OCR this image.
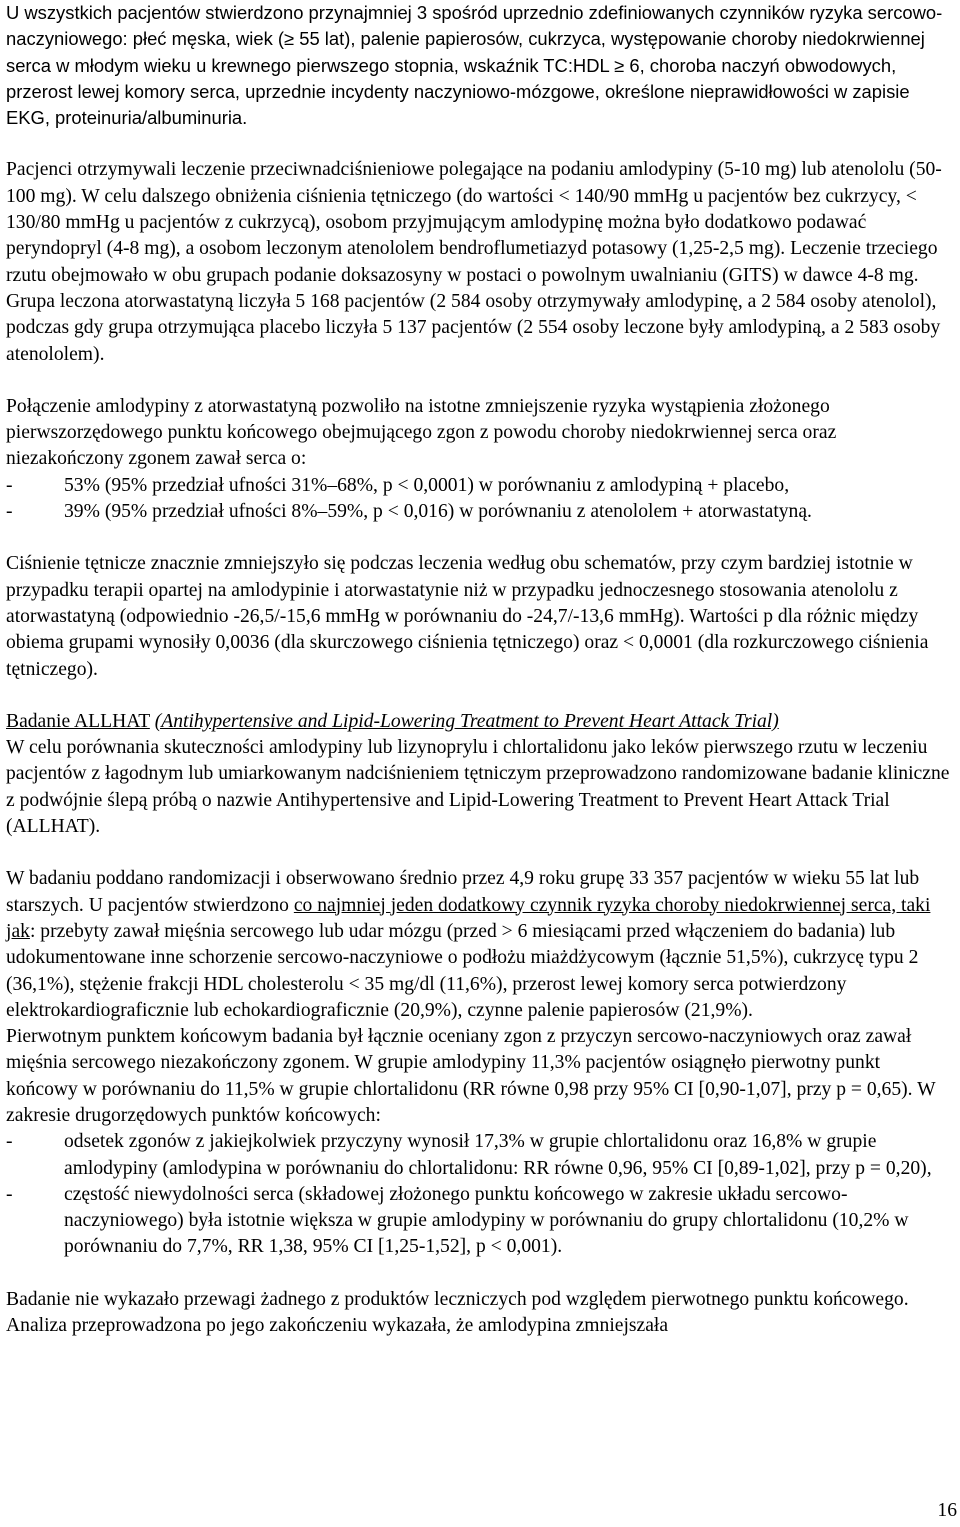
U wszystkich pacjentów stwierdzono przynajmniej 3 spośród uprzednio zdefiniowanych czynników ryzyka sercowo-naczyniowego: płeć męska, wiek (≥ 55 lat), palenie papierosów, cukrzyca, występowanie choroby niedokrwiennej serca w młodym wieku u krewnego pierwszego stopnia, wskaźnik TC:HDL ≥ 6, choroba naczyń obwodowych, przerost lewej komory serca, uprzednie incydenty naczyniowo-mózgowe, określone nieprawidłowości w zapisie EKG, proteinuria/albuminuria.

Pacjenci otrzymywali leczenie przeciwnadciśnieniowe polegające na podaniu amlodypiny (5-10 mg) lub atenololu (50-100 mg). W celu dalszego obniżenia ciśnienia tętniczego (do wartości < 140/90 mmHg u pacjentów bez cukrzycy, < 130/80 mmHg u pacjentów z cukrzycą), osobom przyjmującym amlodypinę można było dodatkowo podawać peryndopryl (4-8 mg), a osobom leczonym atenololem bendroflumetiazyd potasowy (1,25-2,5 mg). Leczenie trzeciego rzutu obejmowało w obu grupach podanie doksazosyny w postaci o powolnym uwalnianiu (GITS) w dawce 4-8 mg. Grupa leczona atorwastatyną liczyła 5 168 pacjentów (2 584 osoby otrzymywały amlodypinę, a 2 584 osoby atenolol), podczas gdy grupa otrzymująca placebo liczyła 5 137 pacjentów (2 554 osoby leczone były amlodypiną, a 2 583 osoby atenololem).

Połączenie amlodypiny z atorwastatyną pozwoliło na istotne zmniejszenie ryzyka wystąpienia złożonego pierwszorzędowego punktu końcowego obejmującego zgon z powodu choroby niedokrwiennej serca oraz niezakończony zgonem zawał serca o:

-	53% (95% przedział ufności 31%–68%, p < 0,0001) w porównaniu z amlodypiną + placebo,
-	39% (95% przedział ufności 8%–59%, p < 0,016) w porównaniu z atenololem + atorwastatyną.

Ciśnienie tętnicze znacznie zmniejszyło się podczas leczenia według obu schematów, przy czym bardziej istotnie w przypadku terapii opartej na amlodypinie i atorwastatynie niż w przypadku jednoczesnego stosowania atenololu z atorwastatyną (odpowiednio -26,5/-15,6 mmHg w porównaniu do -24,7/-13,6 mmHg). Wartości p dla różnic między obiema grupami wynosiły 0,0036 (dla skurczowego ciśnienia tętniczego) oraz < 0,0001 (dla rozkurczowego ciśnienia tętniczego).

Badanie ALLHAT (Antihypertensive and Lipid-Lowering Treatment to Prevent Heart Attack Trial)

W celu porównania skuteczności amlodypiny lub lizynoprylu i chlortalidonu jako leków pierwszego rzutu w leczeniu pacjentów z łagodnym lub umiarkowanym nadciśnieniem tętniczym przeprowadzono randomizowane badanie kliniczne z podwójnie ślepą próbą o nazwie Antihypertensive and Lipid-Lowering Treatment to Prevent Heart Attack Trial (ALLHAT).

W badaniu poddano randomizacji i obserwowano średnio przez 4,9 roku grupę 33 357 pacjentów w wieku 55 lat lub starszych. U pacjentów stwierdzono co najmniej jeden dodatkowy czynnik ryzyka choroby niedokrwiennej serca, taki jak: przebyty zawał mięśnia sercowego lub udar mózgu (przed > 6 miesiącami przed włączeniem do badania) lub udokumentowane inne schorzenie sercowo-naczyniowe o podłożu miażdżycowym (łącznie 51,5%), cukrzycę typu 2 (36,1%), stężenie frakcji HDL cholesterolu < 35 mg/dl (11,6%), przerost lewej komory serca potwierdzony elektrokardiograficznie lub echokardiograficznie (20,9%), czynne palenie papierosów (21,9%).

Pierwotnym punktem końcowym badania był łącznie oceniany zgon z przyczyn sercowo-naczyniowych oraz zawał mięśnia sercowego niezakończony zgonem. W grupie amlodypiny 11,3% pacjentów osiągnęło pierwotny punkt końcowy w porównaniu do 11,5% w grupie chlortalidonu (RR równe 0,98 przy 95% CI [0,90-1,07], przy p = 0,65). W zakresie drugorzędowych punktów końcowych:

-	odsetek zgonów z jakiejkolwiek przyczyny wynosił 17,3% w grupie chlortalidonu oraz 16,8% w grupie amlodypiny (amlodypina w porównaniu do chlortalidonu: RR równe 0,96, 95% CI [0,89-1,02], przy p = 0,20),
-	częstość niewydolności serca (składowej złożonego punktu końcowego w zakresie układu sercowo-naczyniowego) była istotnie większa w grupie amlodypiny w porównaniu do grupy chlortalidonu (10,2% w porównaniu do 7,7%, RR 1,38, 95% CI [1,25-1,52], p < 0,001).

Badanie nie wykazało przewagi żadnego z produktów leczniczych pod względem pierwotnego punktu końcowego. Analiza przeprowadzona po jego zakończeniu wykazała, że amlodypina zmniejszała

16
